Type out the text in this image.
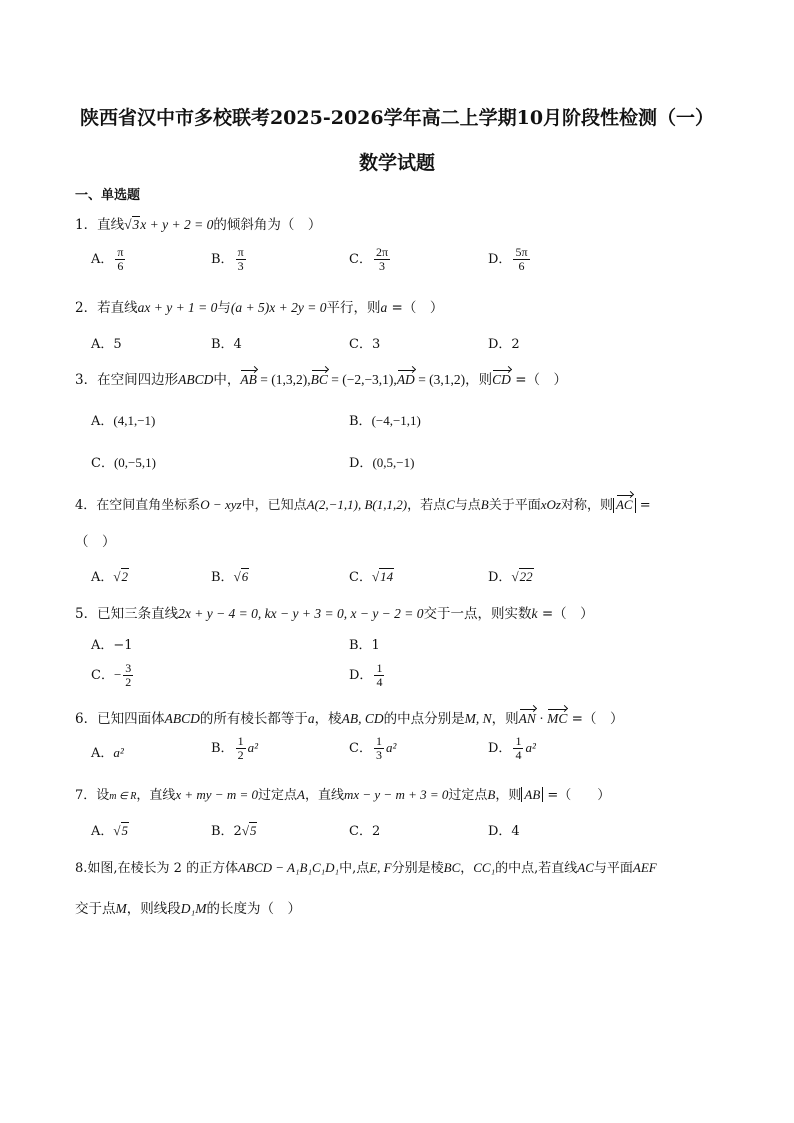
陕西省汉中市多校联考2025-2026学年高二上学期10月阶段性检测（一）
数学试题
一、单选题
1．直线√3x + y + 2 = 0的倾斜角为（　）
A． $\frac{\pi}{6}$	B． $\frac{\pi}{3}$	C． $\frac{2\pi}{3}$	D． $\frac{5\pi}{6}$
2．若直线ax + y + 1 = 0与(a + 5)x + 2y = 0平行，则a =（　）
A．5	B．4	C．3	D．2
3．在空间四边形ABCD中，AB = (1,3,2),BC = (−2,−3,1),AD = (3,1,2)，则CD =（　）
A．(4,1,−1)	B．(−4,−1,1)
C．(0,−5,1)	D．(0,5,−1)
4．在空间直角坐标系O − xyz中，已知点A(2,−1,1), B(1,1,2)，若点C与点B关于平面xOz对称，则 AC =
（　）
A．√2	B．√6	C．√14	D．√22
5．已知三条直线2x + y − 4 = 0, kx − y + 3 = 0, x − y − 2 = 0交于一点，则实数k =（　）
A．−1	B．1
C．− $\frac{3}{2}$	D． $\frac{1}{4}$
6．已知四面体ABCD的所有棱长都等于a，棱AB, CD的中点分别是M, N，则AN · MC =（　）
A．a²	B． $\frac{1}{2} a^2$	C． $\frac{1}{3} a^2$	D． $\frac{1}{4} a^2$
7．设m ∈ R，直线x + my − m = 0过定点A，直线mx − y − m + 3 = 0过定点B，则 AB =（　　）
A．√5	B．2√5	C．2	D．4
8.如图,在棱长为 2 的正方体ABCD − A₁B₁C₁D₁中,点E, F分别是棱BC，CC₁的中点,若直线AC与平面AEF
交于点M，则线段D₁M的长度为（　）
